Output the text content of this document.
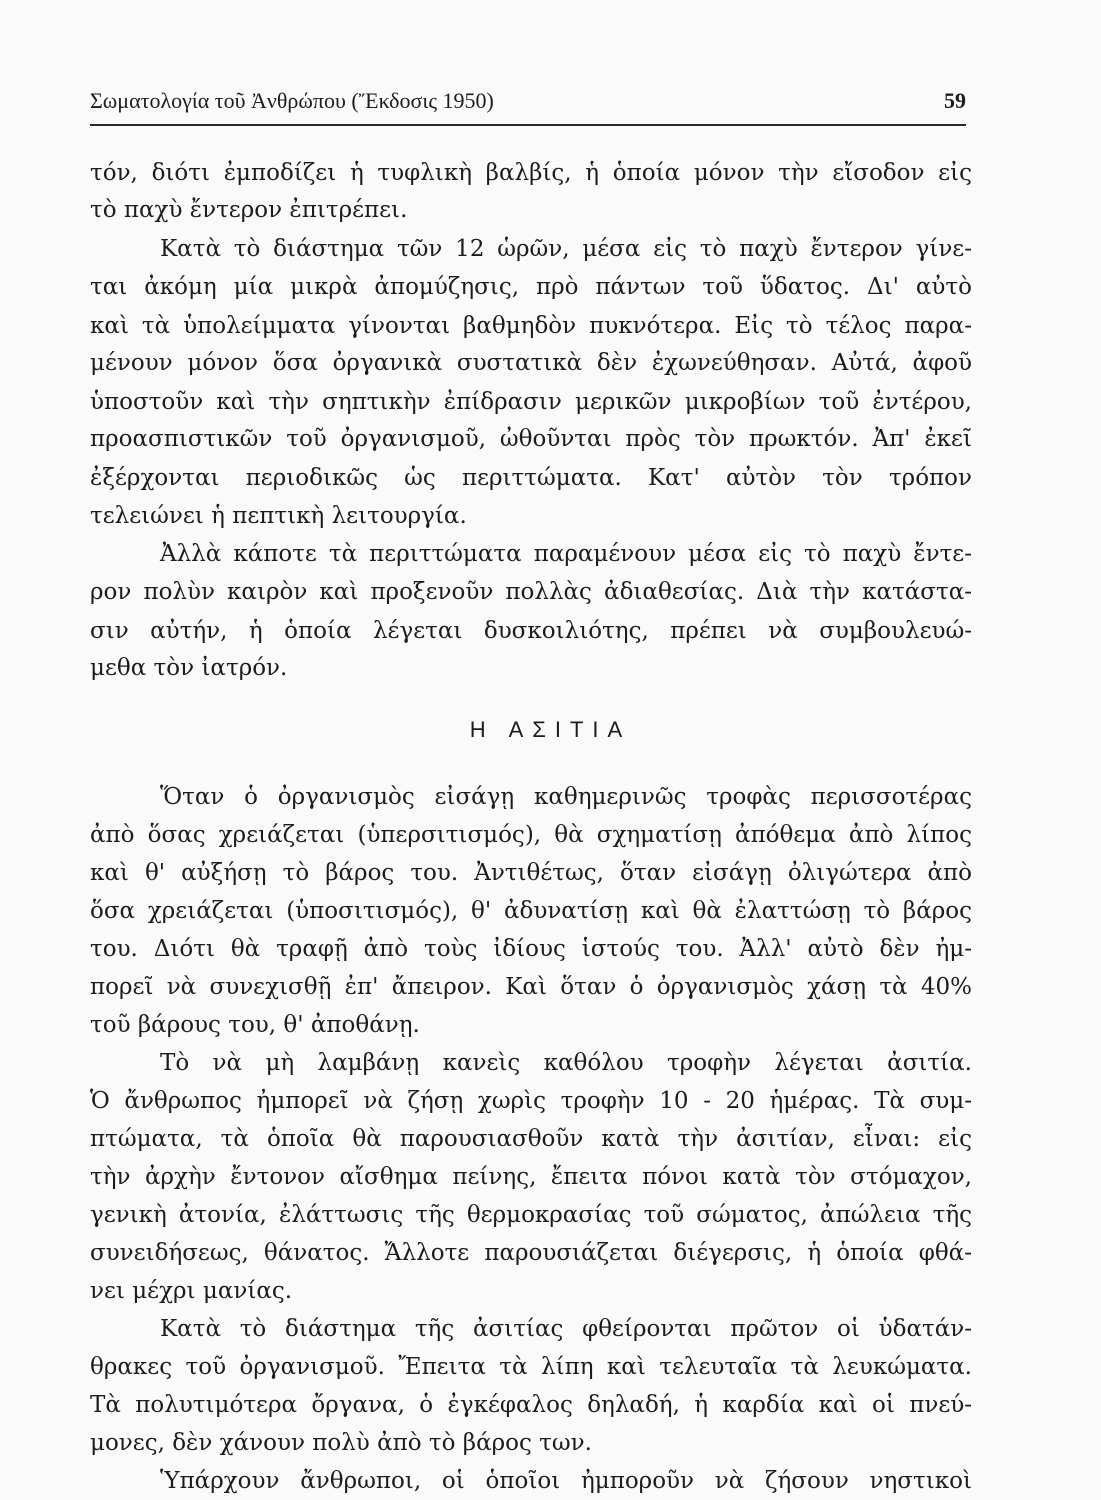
Σωματολογία τοῦ Ἀνθρώπου (Ἔκδοσις 1950)	59
τόν, διότι ἐμποδίζει ἡ τυφλικὴ βαλβίς, ἡ ὁποία μόνον τὴν εἴσοδον εἰς
τὸ παχὺ ἔντερον ἐπιτρέπει.
Κατὰ τὸ διάστημα τῶν 12 ὡρῶν, μέσα εἰς τὸ παχὺ ἔντερον γίνε-
ται ἀκόμη μία μικρὰ ἀπομύζησις, πρὸ πάντων τοῦ ὕδατος. Δι' αὐτὸ
καὶ τὰ ὑπολείμματα γίνονται βαθμηδὸν πυκνότερα. Εἰς τὸ τέλος παρα-
μένουν μόνον ὅσα ὀργανικὰ συστατικὰ δὲν ἐχωνεύθησαν. Αὐτά, ἀφοῦ
ὑποστοῦν καὶ τὴν σηπτικὴν ἐπίδρασιν μερικῶν μικροβίων τοῦ ἐντέρου,
προασπιστικῶν τοῦ ὀργανισμοῦ, ὠθοῦνται πρὸς τὸν πρωκτόν. Ἀπ' ἐκεῖ
ἐξέρχονται περιοδικῶς ὡς περιττώματα. Κατ' αὐτὸν τὸν τρόπον
τελειώνει ἡ πεπτικὴ λειτουργία.
Ἀλλὰ κάποτε τὰ περιττώματα παραμένουν μέσα εἰς τὸ παχὺ ἔντε-
ρον πολὺν καιρὸν καὶ προξενοῦν πολλὰς ἀδιαθεσίας. Διὰ τὴν κατάστα-
σιν αὐτήν, ἡ ὁποία λέγεται δυσκοιλιότης, πρέπει νὰ συμβουλευώ-
μεθα τὸν ἰατρόν.
Η ΑΣΙΤΙΑ
Ὅταν ὁ ὀργανισμὸς εἰσάγῃ καθημερινῶς τροφὰς περισσοτέρας
ἀπὸ ὅσας χρειάζεται (ὑπερσιτισμός), θὰ σχηματίσῃ ἀπόθεμα ἀπὸ λίπος
καὶ θ' αὐξήσῃ τὸ βάρος του. Ἀντιθέτως, ὅταν εἰσάγῃ ὀλιγώτερα ἀπὸ
ὅσα χρειάζεται (ὑποσιτισμός), θ' ἀδυνατίσῃ καὶ θὰ ἐλαττώσῃ τὸ βάρος
του. Διότι θὰ τραφῇ ἀπὸ τοὺς ἰδίους ἱστούς του. Ἀλλ' αὐτὸ δὲν ἠμ-
πορεῖ νὰ συνεχισθῇ ἐπ' ἄπειρον. Καὶ ὅταν ὁ ὀργανισμὸς χάσῃ τὰ 40%
τοῦ βάρους του, θ' ἀποθάνῃ.
Τὸ νὰ μὴ λαμβάνῃ κανεὶς καθόλου τροφὴν λέγεται ἀσιτία.
Ὁ ἄνθρωπος ἠμπορεῖ νὰ ζήσῃ χωρὶς τροφὴν 10 - 20 ἡμέρας. Τὰ συμ-
πτώματα, τὰ ὁποῖα θὰ παρουσιασθοῦν κατὰ τὴν ἀσιτίαν, εἶναι: εἰς
τὴν ἀρχὴν ἔντονον αἴσθημα πείνης, ἔπειτα πόνοι κατὰ τὸν στόμαχον,
γενικὴ ἀτονία, ἐλάττωσις τῆς θερμοκρασίας τοῦ σώματος, ἀπώλεια τῆς
συνειδήσεως, θάνατος. Ἄλλοτε παρουσιάζεται διέγερσις, ἡ ὁποία φθά-
νει μέχρι μανίας.
Κατὰ τὸ διάστημα τῆς ἀσιτίας φθείρονται πρῶτον οἱ ὑδατάν-
θρακες τοῦ ὀργανισμοῦ. Ἔπειτα τὰ λίπη καὶ τελευταῖα τὰ λευκώματα.
Τὰ πολυτιμότερα ὄργανα, ὁ ἐγκέφαλος δηλαδή, ἡ καρδία καὶ οἱ πνεύ-
μονες, δὲν χάνουν πολὺ ἀπὸ τὸ βάρος των.
Ὑπάρχουν ἄνθρωποι, οἱ ὁποῖοι ἠμποροῦν νὰ ζήσουν νηστικοὶ
